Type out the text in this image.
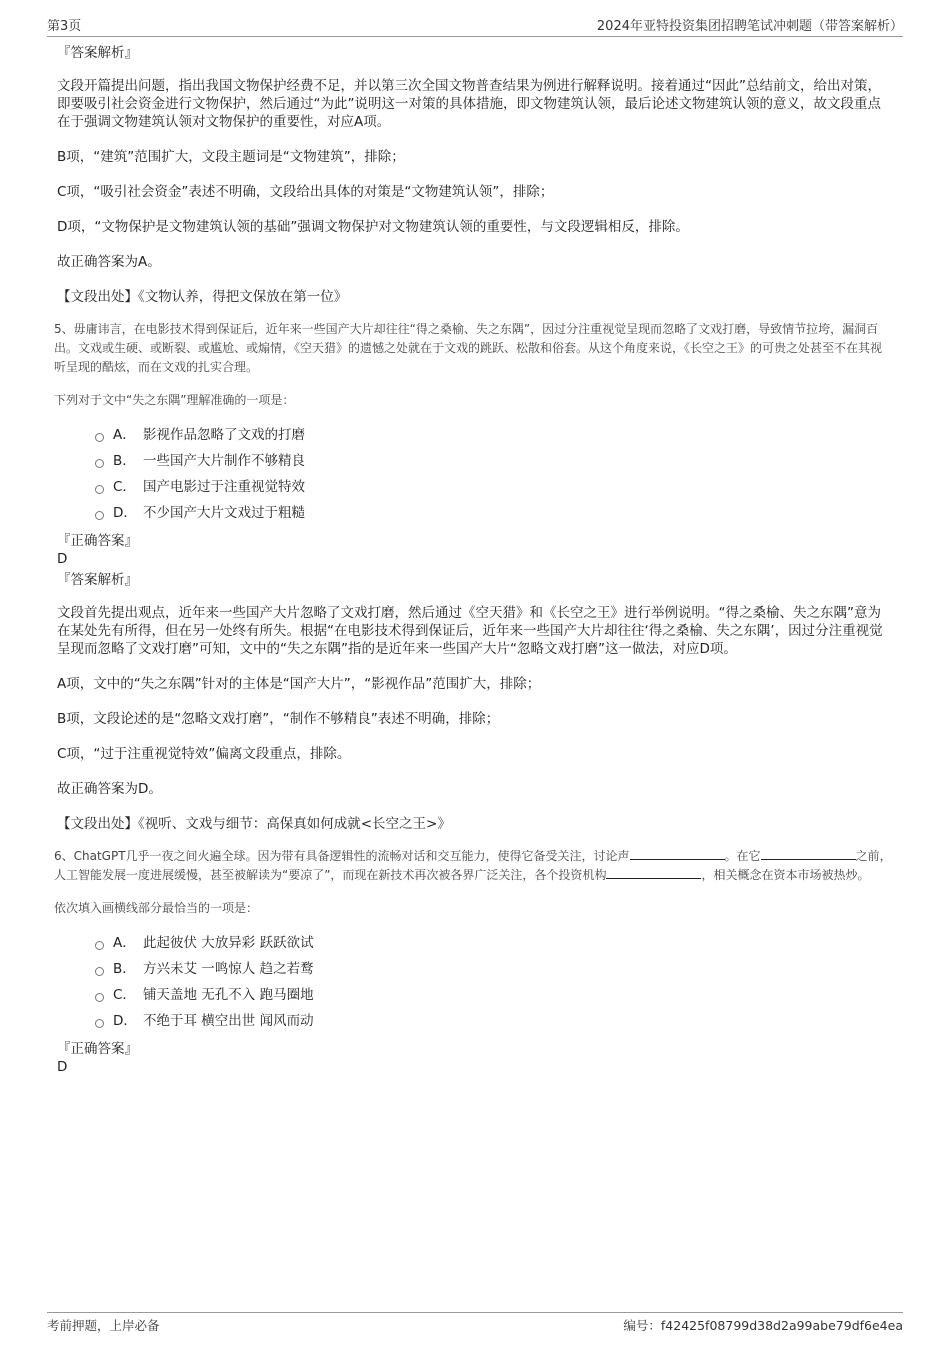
第3页	2024年亚特投资集团招聘笔试冲刺题（带答案解析）

『答案解析』

文段开篇提出问题，指出我国文物保护经费不足，并以第三次全国文物普查结果为例进行解释说明。接着通过“因此”总结前文，给出对策，即要吸引社会资金进行文物保护，然后通过“为此”说明这一对策的具体措施，即文物建筑认领，最后论述文物建筑认领的意义，故文段重点在于强调文物建筑认领对文物保护的重要性，对应A项。

B项，“建筑”范围扩大，文段主题词是“文物建筑”，排除；

C项，“吸引社会资金”表述不明确，文段给出具体的对策是“文物建筑认领”，排除；

D项，“文物保护是文物建筑认领的基础”强调文物保护对文物建筑认领的重要性，与文段逻辑相反，排除。

故正确答案为A。

【文段出处】《文物认养，得把文保放在第一位》

5、毋庸讳言，在电影技术得到保证后，近年来一些国产大片却往往“得之桑榆、失之东隅”，因过分注重视觉呈现而忽略了文戏打磨，导致情节拉垮，漏洞百出。文戏或生硬、或断裂、或尴尬、或煽情，《空天猎》的遗憾之处就在于文戏的跳跃、松散和俗套。从这个角度来说，《长空之王》的可贵之处甚至不在其视听呈现的酷炫，而在文戏的扎实合理。

下列对于文中“失之东隅”理解准确的一项是：

A． 影视作品忽略了文戏的打磨
B． 一些国产大片制作不够精良
C． 国产电影过于注重视觉特效
D． 不少国产大片文戏过于粗糙

『正确答案』

D

『答案解析』

文段首先提出观点，近年来一些国产大片忽略了文戏打磨，然后通过《空天猎》和《长空之王》进行举例说明。“得之桑榆、失之东隅”意为在某处先有所得，但在另一处终有所失。根据“在电影技术得到保证后，近年来一些国产大片却往往‘得之桑榆、失之东隅’，因过分注重视觉呈现而忽略了文戏打磨”可知，文中的“失之东隅”指的是近年来一些国产大片“忽略文戏打磨”这一做法，对应D项。

A项，文中的“失之东隅”针对的主体是“国产大片”，“影视作品”范围扩大，排除；

B项，文段论述的是“忽略文戏打磨”，“制作不够精良”表述不明确，排除；

C项，“过于注重视觉特效”偏离文段重点，排除。

故正确答案为D。

【文段出处】《视听、文戏与细节：高保真如何成就<长空之王>》

6、ChatGPT几乎一夜之间火遍全球。因为带有具备逻辑性的流畅对话和交互能力，使得它备受关注，讨论声	。在它	之前，人工智能发展一度进展缓慢，甚至被解读为“要凉了”，而现在新技术再次被各界广泛关注，各个投资机构	，相关概念在资本市场被热炒。

依次填入画横线部分最恰当的一项是：

A． 此起彼伏 大放异彩 跃跃欲试
B． 方兴未艾 一鸣惊人 趋之若鹜
C． 铺天盖地 无孔不入 跑马圈地
D． 不绝于耳 横空出世 闻风而动

『正确答案』

D

考前押题，上岸必备	编号：f42425f08799d38d2a99abe79df6e4ea
